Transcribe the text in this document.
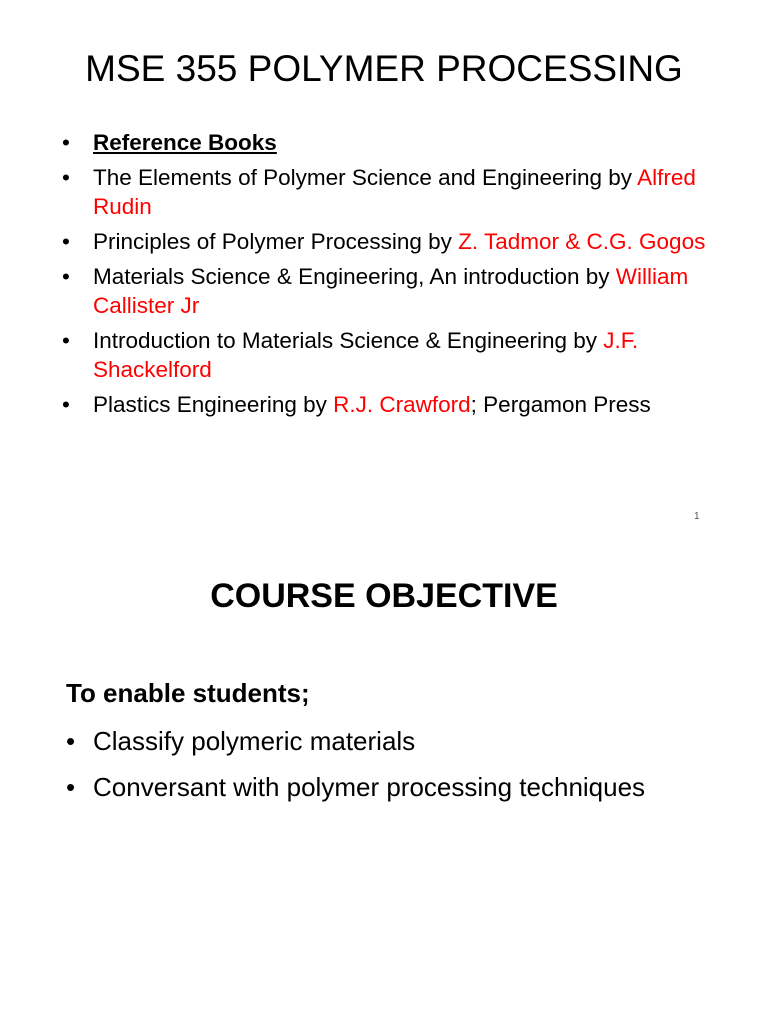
MSE 355 POLYMER PROCESSING
• Reference Books
• The Elements of Polymer Science and Engineering by Alfred Rudin
• Principles of Polymer Processing by Z. Tadmor & C.G. Gogos
• Materials Science & Engineering, An introduction by William Callister Jr
• Introduction to Materials Science & Engineering by J.F. Shackelford
• Plastics Engineering by R.J. Crawford; Pergamon Press
1
COURSE OBJECTIVE
To enable students;
• Classify polymeric materials
• Conversant with polymer processing techniques
